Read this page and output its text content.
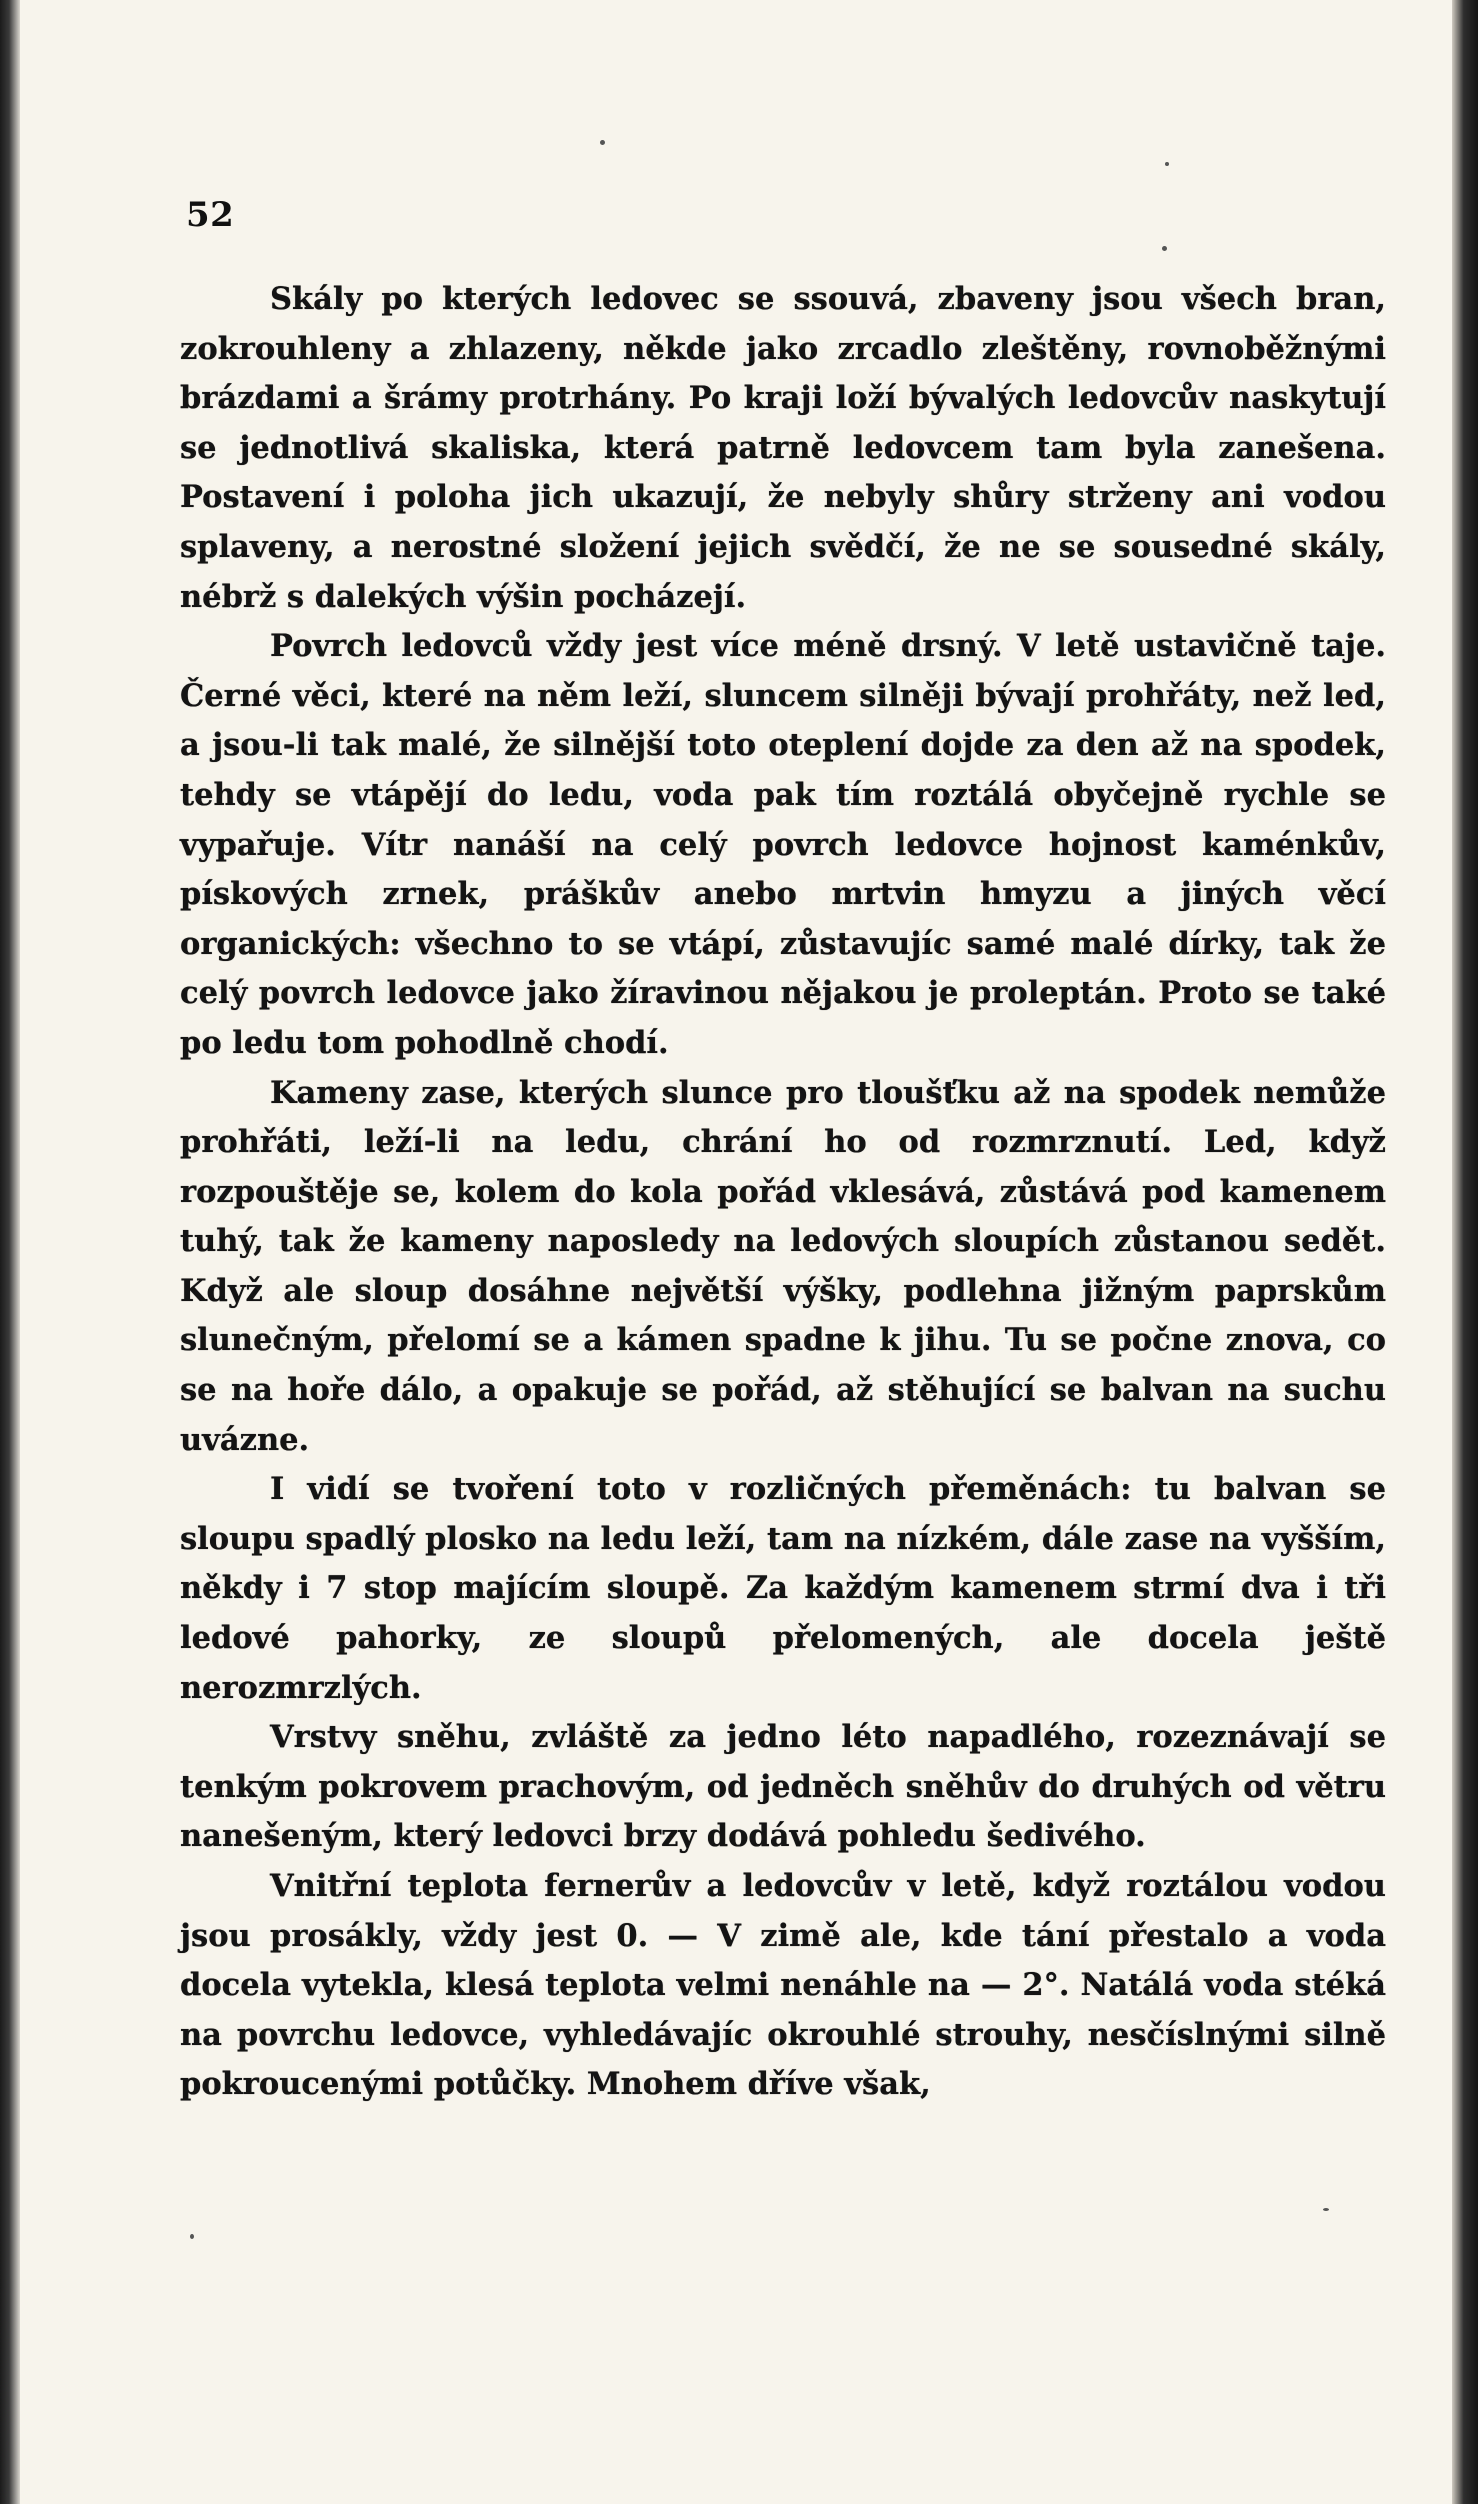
52

Skály po kterých ledovec se ssouvá, zbaveny jsou všech bran, zokrouhleny a zhlazeny, někde jako zrcadlo zleštěny, rovnoběžnými brázdami a šrámy protrhány. Po kraji loží bývalých ledovcův naskytují se jednotlivá skaliska, která patrně ledovcem tam byla zanešena. Postavení i poloha jich ukazují, že nebyly shůry strženy ani vodou splaveny, a nerostné složení jejich svědčí, že ne se sousedné skály, nébrž s dalekých výšin pocházejí.

Povrch ledovců vždy jest více méně drsný. V letě ustavičně taje. Černé věci, které na něm leží, sluncem silněji bývají prohřáty, než led, a jsou-li tak malé, že silnější toto oteplení dojde za den až na spodek, tehdy se vtápějí do ledu, voda pak tím roztálá obyčejně rychle se vypařuje. Vítr nanáší na celý povrch ledovce hojnost kaménkův, pískových zrnek, práškův anebo mrtvin hmyzu a jiných věcí organických: všechno to se vtápí, zůstavujíc samé malé dírky, tak že celý povrch ledovce jako žíravinou nějakou je proleptán. Proto se také po ledu tom pohodlně chodí.

Kameny zase, kterých slunce pro tloušťku až na spodek nemůže prohřáti, leží-li na ledu, chrání ho od rozmrznutí. Led, když rozpouštěje se, kolem do kola pořád vklesává, zůstává pod kamenem tuhý, tak že kameny naposledy na ledových sloupích zůstanou sedět. Když ale sloup dosáhne největší výšky, podlehna jižným paprskům slunečným, přelomí se a kámen spadne k jihu. Tu se počne znova, co se na hoře dálo, a opakuje se pořád, až stěhující se balvan na suchu uvázne.

I vidí se tvoření toto v rozličných přeměnách: tu balvan se sloupu spadlý plosko na ledu leží, tam na nízkém, dále zase na vyšším, někdy i 7 stop majícím sloupě. Za každým kamenem strmí dva i tři ledové pahorky, ze sloupů přelomených, ale docela ještě nerozmrzlých.

Vrstvy sněhu, zvláště za jedno léto napadlého, rozeznávají se tenkým pokrovem prachovým, od jedněch sněhův do druhých od větru nanešeným, který ledovci brzy dodává pohledu šedivého.

Vnitřní teplota fernerův a ledovcův v letě, když roztálou vodou jsou prosákly, vždy jest 0. — V zimě ale, kde tání přestalo a voda docela vytekla, klesá teplota velmi nenáhle na — 2°. Natálá voda stéká na povrchu ledovce, vyhledávajíc okrouhlé strouhy, nesčíslnými silně pokroucenými potůčky. Mnohem dříve však,
